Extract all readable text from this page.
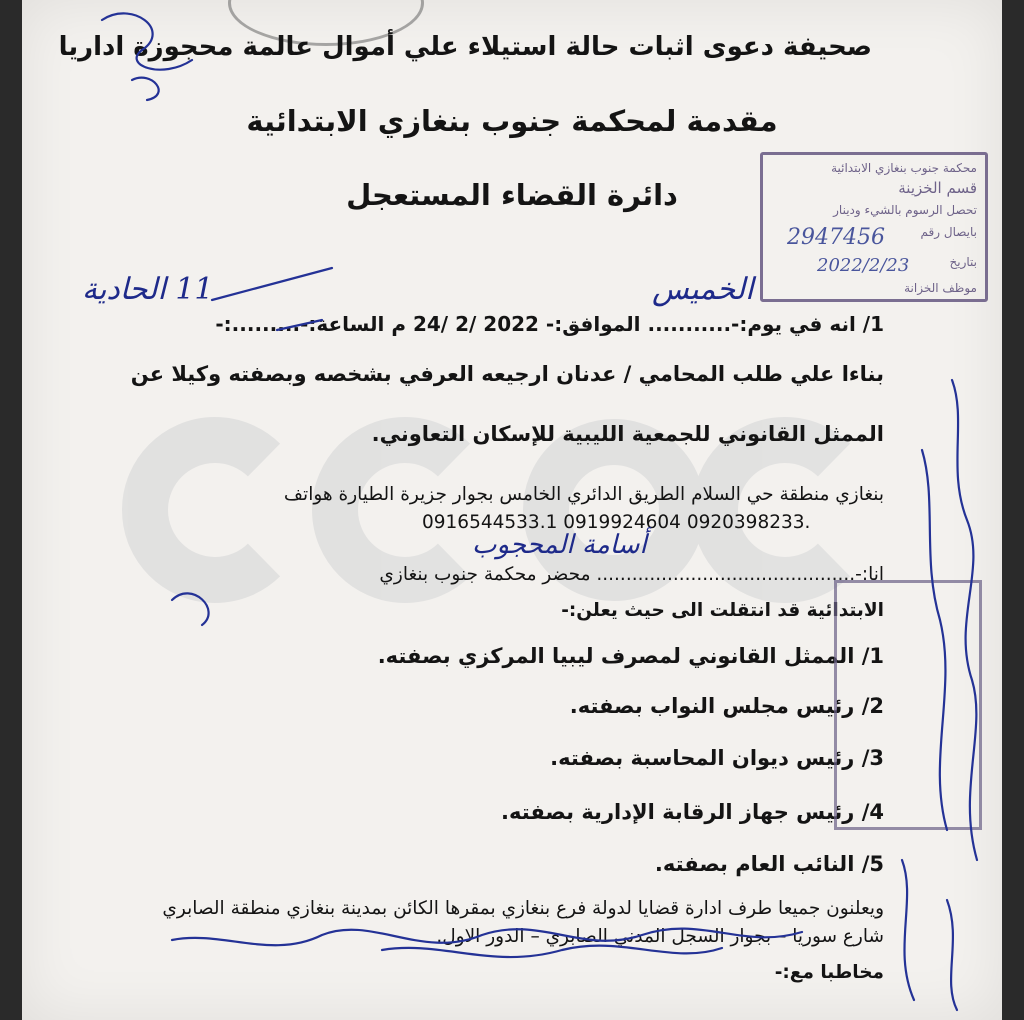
صحيفة دعوى اثبات حالة استيلاء علي أموال عالمة محجوزة اداريا
مقدمة لمحكمة جنوب بنغازي الابتدائية
دائرة القضاء المستعجل
محكمة جنوب بنغازي الابتدائية
قسم الخزينة
تحصل الرسوم بالشيء ودينار
بايصال رقم
بتاريخ
موظف الخزانة
2947456
2022/2/23
1/ انه في يوم:-........... الموافق:- 2022 /2 /24 م الساعة:-.........:-
بناءا علي طلب المحامي / عدنان ارجيعه العرفي بشخصه وبصفته وكيلا عن
الممثل القانوني للجمعية الليبية للإسكان التعاوني.
بنغازي منطقة حي السلام الطريق الدائري الخامس بجوار جزيرة الطيارة هواتف
0916544533.1 0919924604 0920398233.
انا:-............................................ محضر محكمة جنوب بنغازي
الابتدائية قد انتقلت الى حيث يعلن:-
1/ الممثل القانوني لمصرف ليبيا المركزي بصفته.
2/ رئيس مجلس النواب بصفته.
3/ رئيس ديوان المحاسبة بصفته.
4/ رئيس جهاز الرقابة الإدارية بصفته.
5/ النائب العام بصفته.
ويعلنون جميعا طرف ادارة قضايا لدولة فرع بنغازي بمقرها الكائن بمدينة بنغازي منطقة الصابري
شارع سوريا – بجوار السجل المدني الصابري – الدور الاول.
مخاطبا مع:-
11 الحادية	الخميس
أسامة المحجوب
